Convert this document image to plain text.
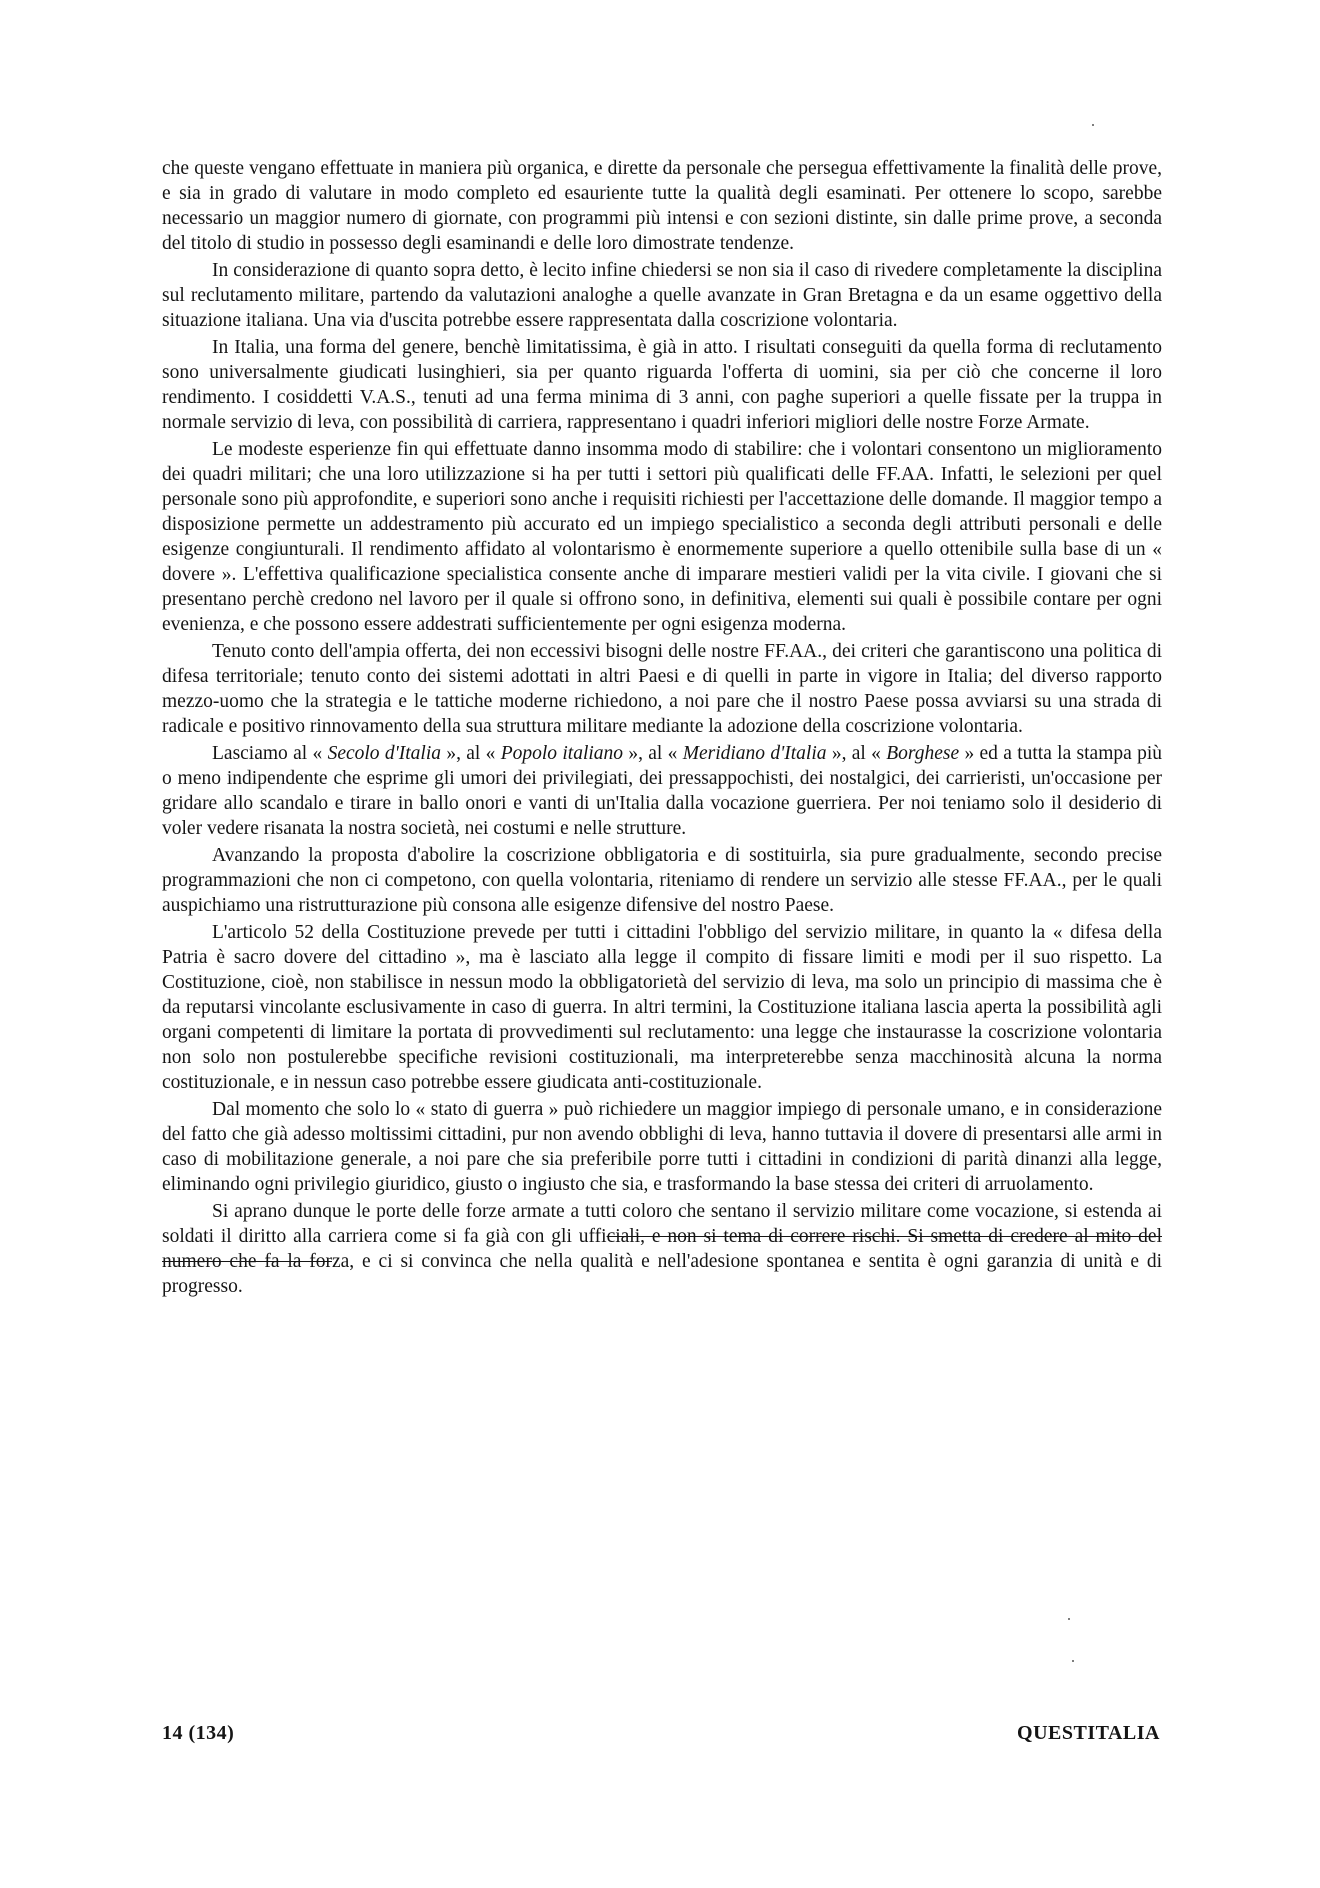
che queste vengano effettuate in maniera più organica, e dirette da personale che persegua effettivamente la finalità delle prove, e sia in grado di valutare in modo completo ed esauriente tutte la qualità degli esaminati. Per ottenere lo scopo, sarebbe necessario un maggior numero di giornate, con programmi più intensi e con sezioni distinte, sin dalle prime prove, a seconda del titolo di studio in possesso degli esaminandi e delle loro dimostrate tendenze.

In considerazione di quanto sopra detto, è lecito infine chiedersi se non sia il caso di rivedere completamente la disciplina sul reclutamento militare, partendo da valutazioni analoghe a quelle avanzate in Gran Bretagna e da un esame oggettivo della situazione italiana. Una via d'uscita potrebbe essere rappresentata dalla coscrizione volontaria.

In Italia, una forma del genere, benchè limitatissima, è già in atto. I risultati conseguiti da quella forma di reclutamento sono universalmente giudicati lusinghieri, sia per quanto riguarda l'offerta di uomini, sia per ciò che concerne il loro rendimento. I cosiddetti V.A.S., tenuti ad una ferma minima di 3 anni, con paghe superiori a quelle fissate per la truppa in normale servizio di leva, con possibilità di carriera, rappresentano i quadri inferiori migliori delle nostre Forze Armate.

Le modeste esperienze fin qui effettuate danno insomma modo di stabilire: che i volontari consentono un miglioramento dei quadri militari; che una loro utilizzazione si ha per tutti i settori più qualificati delle FF.AA. Infatti, le selezioni per quel personale sono più approfondite, e superiori sono anche i requisiti richiesti per l'accettazione delle domande. Il maggior tempo a disposizione permette un addestramento più accurato ed un impiego specialistico a seconda degli attributi personali e delle esigenze congiunturali. Il rendimento affidato al volontarismo è enormemente superiore a quello ottenibile sulla base di un « dovere ». L'effettiva qualificazione specialistica consente anche di imparare mestieri validi per la vita civile. I giovani che si presentano perchè credono nel lavoro per il quale si offrono sono, in definitiva, elementi sui quali è possibile contare per ogni evenienza, e che possono essere addestrati sufficientemente per ogni esigenza moderna.

Tenuto conto dell'ampia offerta, dei non eccessivi bisogni delle nostre FF.AA., dei criteri che garantiscono una politica di difesa territoriale; tenuto conto dei sistemi adottati in altri Paesi e di quelli in parte in vigore in Italia; del diverso rapporto mezzo-uomo che la strategia e le tattiche moderne richiedono, a noi pare che il nostro Paese possa avviarsi su una strada di radicale e positivo rinnovamento della sua struttura militare mediante la adozione della coscrizione volontaria.

Lasciamo al « Secolo d'Italia », al « Popolo italiano », al « Meridiano d'Italia », al « Borghese » ed a tutta la stampa più o meno indipendente che esprime gli umori dei privilegiati, dei pressappochisti, dei nostalgici, dei carrieristi, un'occasione per gridare allo scandalo e tirare in ballo onori e vanti di un'Italia dalla vocazione guerriera. Per noi teniamo solo il desiderio di voler vedere risanata la nostra società, nei costumi e nelle strutture.

Avanzando la proposta d'abolire la coscrizione obbligatoria e di sostituirla, sia pure gradualmente, secondo precise programmazioni che non ci competono, con quella volontaria, riteniamo di rendere un servizio alle stesse FF.AA., per le quali auspichiamo una ristrutturazione più consona alle esigenze difensive del nostro Paese.

L'articolo 52 della Costituzione prevede per tutti i cittadini l'obbligo del servizio militare, in quanto la « difesa della Patria è sacro dovere del cittadino », ma è lasciato alla legge il compito di fissare limiti e modi per il suo rispetto. La Costituzione, cioè, non stabilisce in nessun modo la obbligatorietà del servizio di leva, ma solo un principio di massima che è da reputarsi vincolante esclusivamente in caso di guerra. In altri termini, la Costituzione italiana lascia aperta la possibilità agli organi competenti di limitare la portata di provvedimenti sul reclutamento: una legge che instaurasse la coscrizione volontaria non solo non postulerebbe specifiche revisioni costituzionali, ma interpreterebbe senza macchinosità alcuna la norma costituzionale, e in nessun caso potrebbe essere giudicata anti-costituzionale.

Dal momento che solo lo « stato di guerra » può richiedere un maggior impiego di personale umano, e in considerazione del fatto che già adesso moltissimi cittadini, pur non avendo obblighi di leva, hanno tuttavia il dovere di presentarsi alle armi in caso di mobilitazione generale, a noi pare che sia preferibile porre tutti i cittadini in condizioni di parità dinanzi alla legge, eliminando ogni privilegio giuridico, giusto o ingiusto che sia, e trasformando la base stessa dei criteri di arruolamento.

Si aprano dunque le porte delle forze armate a tutti coloro che sentano il servizio militare come vocazione, si estenda ai soldati il diritto alla carriera come si fa già con gli ufficiali, e non si tema di correre rischi. Si smetta di credere al mito del numero che fa la forza, e ci si convinca che nella qualità e nell'adesione spontanea e sentita è ogni garanzia di unità e di progresso.

14 (134)	QUESTITALIA
